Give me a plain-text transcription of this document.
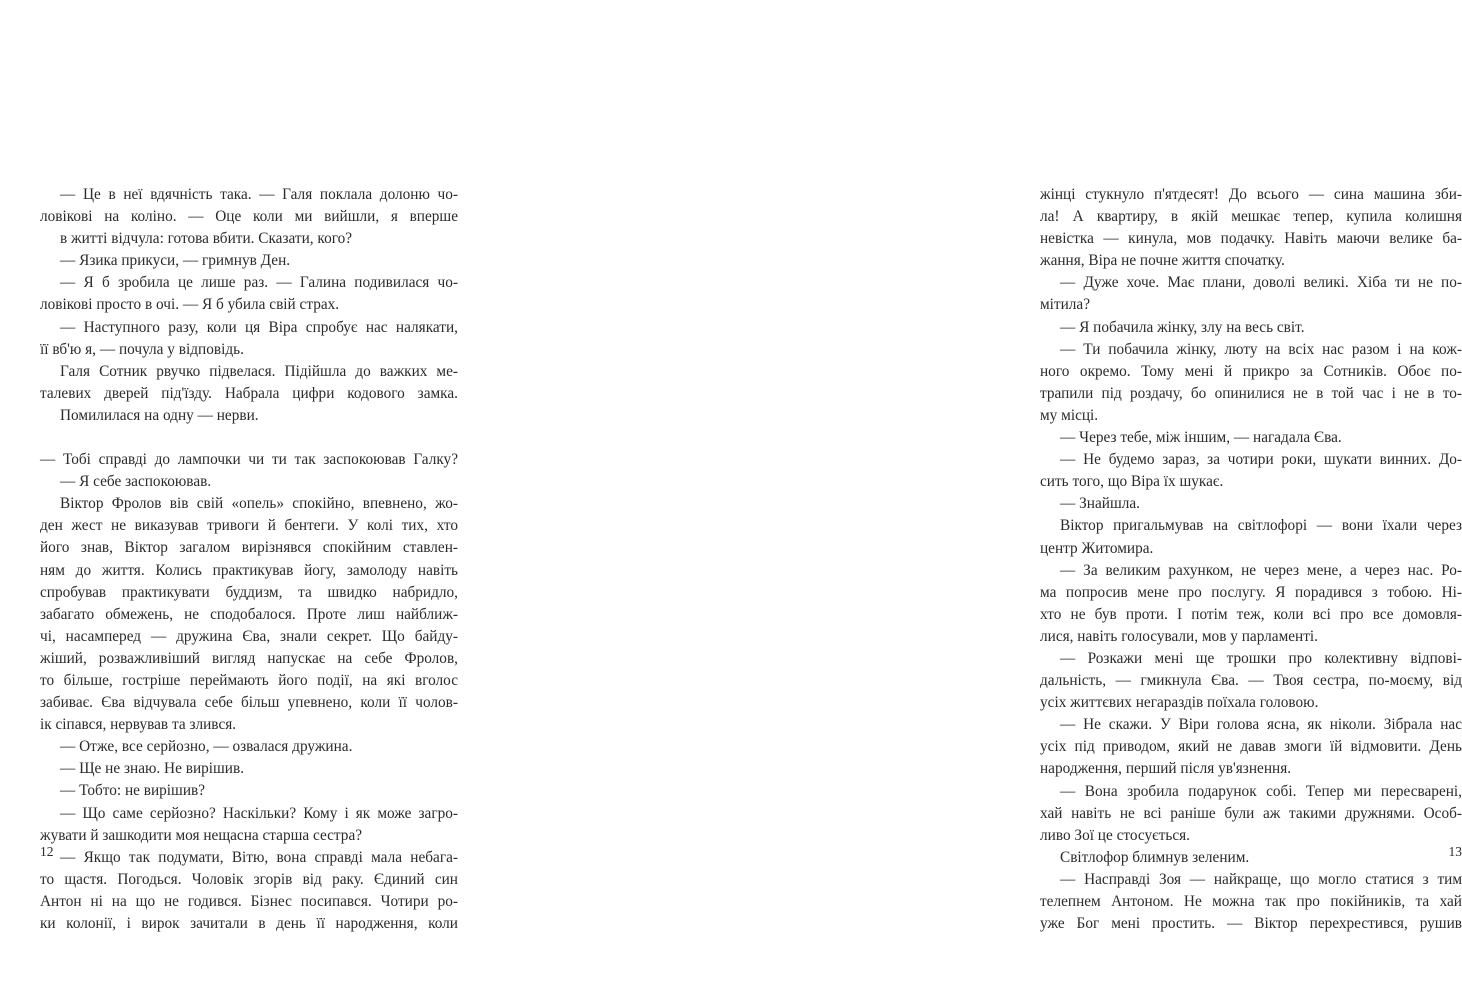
— Це в неї вдячність така. — Галя поклала долоню чо-
ловікові на коліно. — Оце коли ми вийшли, я вперше
в житті відчула: готова вбити. Сказати, кого?
— Язика прикуси, — гримнув Ден.
— Я б зробила це лише раз. — Галина подивилася чо-
ловікові просто в очі. — Я б убила свій страх.
— Наступного разу, коли ця Віра спробує нас налякати,
її вб'ю я, — почула у відповідь.
Галя Сотник рвучко підвелася. Підійшла до важких ме-
талевих дверей під'їзду. Набрала цифри кодового замка.
Помилилася на одну — нерви.
— Тобі справді до лампочки чи ти так заспокоював Галку?
— Я себе заспокоював.
Віктор Фролов вів свій «опель» спокійно, впевнено, жо-
ден жест не виказував тривоги й бентеги. У колі тих, хто
його знав, Віктор загалом вирізнявся спокійним ставлен-
ням до життя. Колись практикував йогу, замолоду навіть
спробував практикувати буддизм, та швидко набридло,
забагато обмежень, не сподобалося. Проте лиш найближ-
чі, насамперед — дружина Єва, знали секрет. Що байду-
жіший, розважливіший вигляд напускає на себе Фролов,
то більше, гостріше переймають його події, на які вголос
забиває. Єва відчувала себе більш упевнено, коли її чолов-
ік сіпався, нервував та злився.
— Отже, все серйозно, — озвалася дружина.
— Ще не знаю. Не вирішив.
— Тобто: не вирішив?
— Що саме серйозно? Наскільки? Кому і як може загро-
жувати й зашкодити моя нещасна старша сестра?
— Якщо так подумати, Вітю, вона справді мала небага-
то щастя. Погодься. Чоловік згорів від раку. Єдиний син
Антон ні на що не годився. Бізнес посипався. Чотири ро-
ки колонії, і вирок зачитали в день її народження, коли
12
жінці стукнуло п'ятдесят! До всього — сина машина зби-
ла! А квартиру, в якій мешкає тепер, купила колишня
невістка — кинула, мов подачку. Навіть маючи велике ба-
жання, Віра не почне життя спочатку.
— Дуже хоче. Має плани, доволі великі. Хіба ти не по-
мітила?
— Я побачила жінку, злу на весь світ.
— Ти побачила жінку, люту на всіх нас разом і на кож-
ного окремо. Тому мені й прикро за Сотників. Обоє по-
трапили під роздачу, бо опинилися не в той час і не в то-
му місці.
— Через тебе, між іншим, — нагадала Єва.
— Не будемо зараз, за чотири роки, шукати винних. До-
сить того, що Віра їх шукає.
— Знайшла.
Віктор пригальмував на світлофорі — вони їхали через
центр Житомира.
— За великим рахунком, не через мене, а через нас. Ро-
ма попросив мене про послугу. Я порадився з тобою. Ні-
хто не був проти. І потім теж, коли всі про все домовля-
лися, навіть голосували, мов у парламенті.
— Розкажи мені ще трошки про колективну відпові-
дальність, — гмикнула Єва. — Твоя сестра, по-моєму, від
усіх життєвих негараздів поїхала головою.
— Не скажи. У Віри голова ясна, як ніколи. Зібрала нас
усіх під приводом, який не давав змоги їй відмовити. День
народження, перший після ув'язнення.
— Вона зробила подарунок собі. Тепер ми пересварені,
хай навіть не всі раніше були аж такими дружнями. Особ-
ливо Зої це стосується.
Світлофор блимнув зеленим.
— Насправді Зоя — найкраще, що могло статися з тим
телепнем Антоном. Не можна так про покійників, та хай
уже Бог мені простить. — Віктор перехрестився, рушив
13
